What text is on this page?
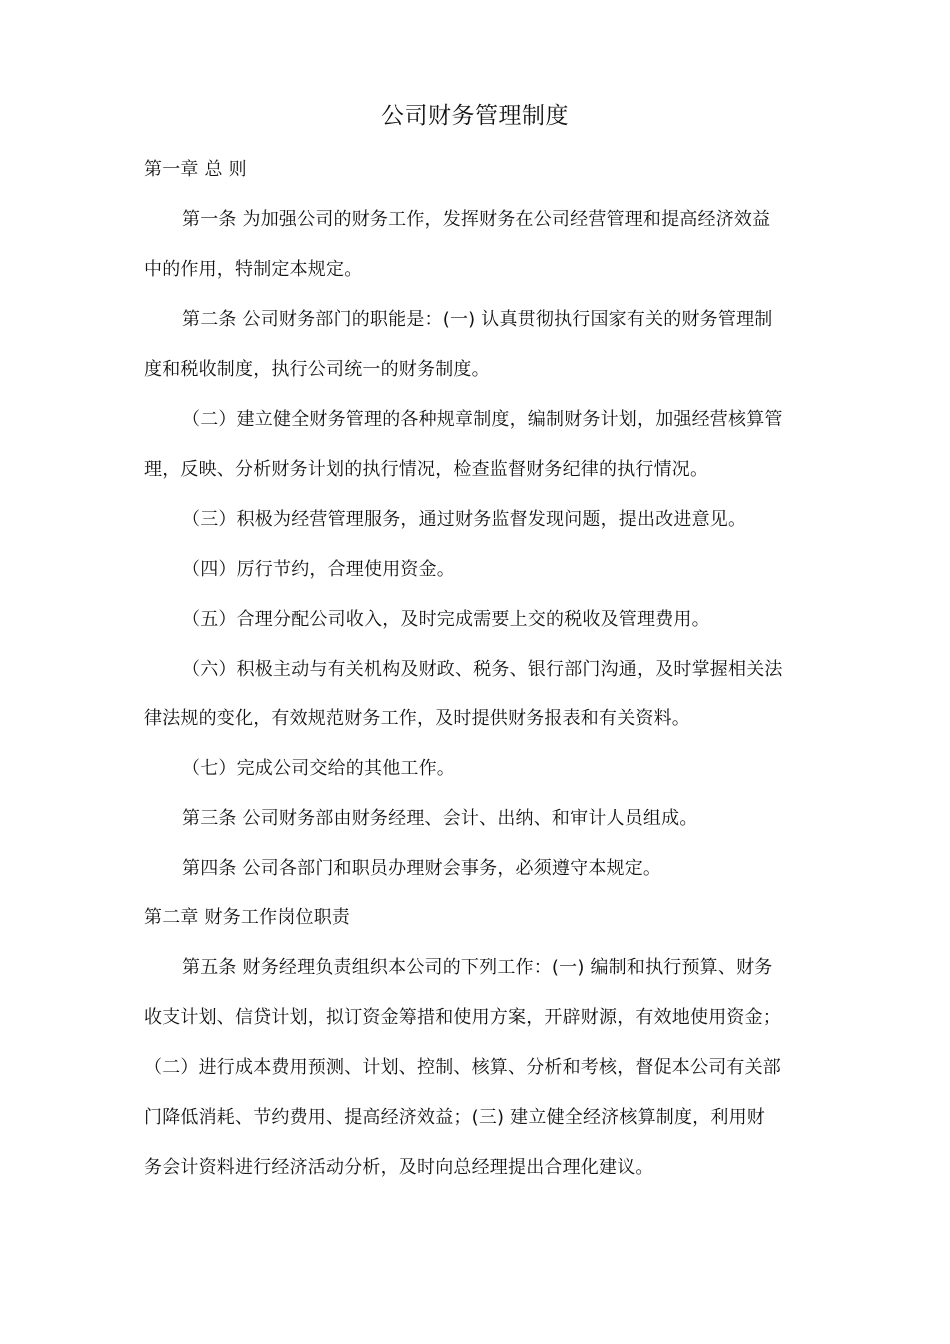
公司财务管理制度
第一章 总 则
第一条 为加强公司的财务工作，发挥财务在公司经营管理和提高经济效益
中的作用，特制定本规定。
第二条 公司财务部门的职能是：(一) 认真贯彻执行国家有关的财务管理制
度和税收制度，执行公司统一的财务制度。
（二）建立健全财务管理的各种规章制度，编制财务计划，加强经营核算管
理，反映、分析财务计划的执行情况，检查监督财务纪律的执行情况。
（三）积极为经营管理服务，通过财务监督发现问题，提出改进意见。
（四）厉行节约，合理使用资金。
（五）合理分配公司收入，及时完成需要上交的税收及管理费用。
（六）积极主动与有关机构及财政、税务、银行部门沟通，及时掌握相关法
律法规的变化，有效规范财务工作，及时提供财务报表和有关资料。
（七）完成公司交给的其他工作。
第三条 公司财务部由财务经理、会计、出纳、和审计人员组成。
第四条 公司各部门和职员办理财会事务，必须遵守本规定。
第二章 财务工作岗位职责
第五条 财务经理负责组织本公司的下列工作：(一) 编制和执行预算、财务
收支计划、信贷计划，拟订资金筹措和使用方案，开辟财源，有效地使用资金；
（二）进行成本费用预测、计划、控制、核算、分析和考核，督促本公司有关部
门降低消耗、节约费用、提高经济效益；(三) 建立健全经济核算制度，利用财
务会计资料进行经济活动分析，及时向总经理提出合理化建议。
